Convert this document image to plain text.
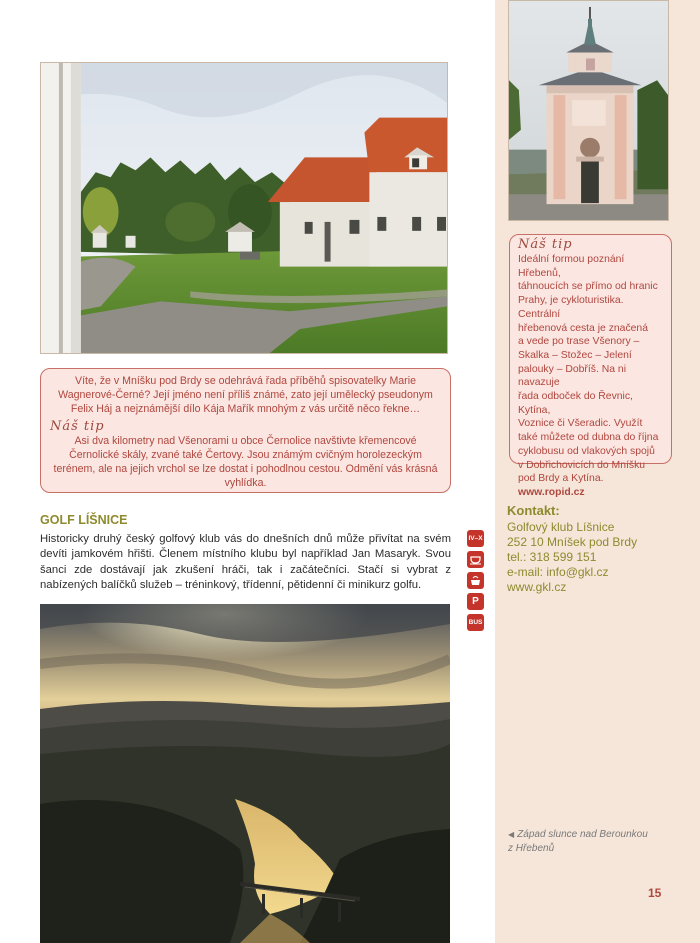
Víte, že v Mníšku pod Brdy se odehrává řada příběhů spisovatelky Marie Wagnerové-Černé? Její jméno není příliš známé, zato její umělecký pseudonym Felix Háj a nejznámější dílo Kája Mařík mnohým z vás určitě něco řekne…

Náš tip

Asi dva kilometry nad Všenorami u obce Černolice navštivte křemencové Černolické skály, zvané také Čertovy. Jsou známým cvičným horolezeckým terénem, ale na jejich vrchol se lze dostat i pohodlnou cestou. Odmění vás krásná vyhlídka.

Náš tip
Ideální formou poznání Hřebenů,
táhnoucích se přímo od hranic
Prahy, je cykloturistika. Centrální
hřebenová cesta je značená
a vede po trase Všenory –
Skalka – Stožec – Jelení
palouky – Dobříš. Na ni navazuje
řada odboček do Řevnic, Kytína,
Voznice či Všeradic. Využít
také můžete od dubna do října
cyklobusu od vlakových spojů
v Dobřichovicích do Mníšku
pod Brdy a Kytína.
www.ropid.cz
GOLF LÍŠNICE

Historicky druhý český golfový klub vás do dnešních dnů může přivítat na svém devíti jamkovém hřišti. Členem místního klubu byl například Jan Masaryk. Svou šanci zde dostávají jak zkušení hráči, tak i začátečníci. Stačí si vybrat z nabízených balíčků služeb – tréninkový, třídenní, pětidenní či minikurz golfu.

IV–X
P
BUS
Kontakt:
Golfový klub Líšnice
252 10 Mníšek pod Brdy
tel.: 318 599 151
e-mail: info@gkl.cz
www.gkl.cz
◀ Západ slunce nad Berounkou
z Hřebenů
15
